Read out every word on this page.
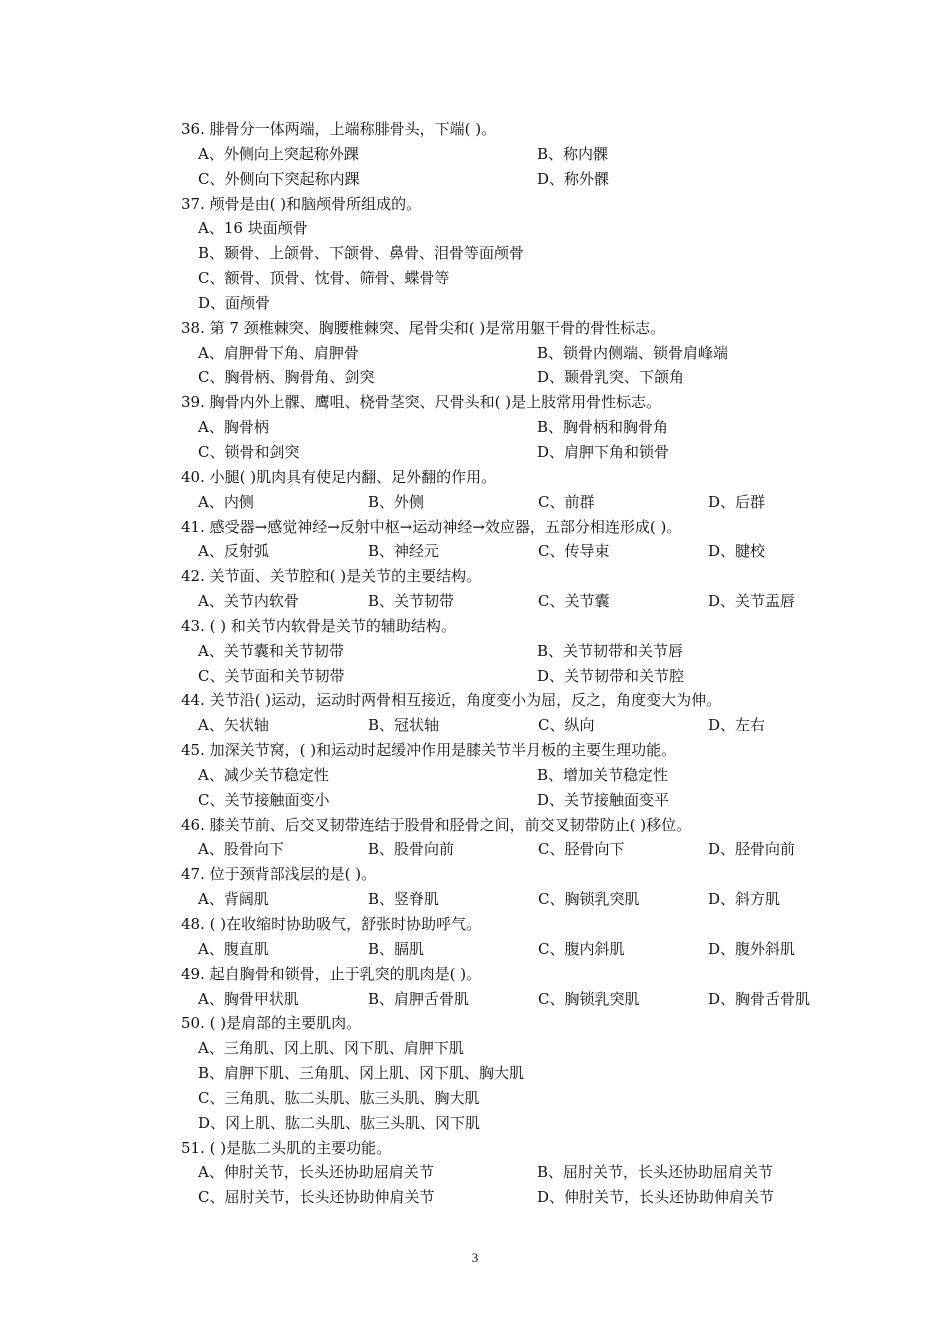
36. 腓骨分一体两端，上端称腓骨头，下端( )。
A、外侧向上突起称外踝	B、称内髁
C、外侧向下突起称内踝	D、称外髁
37. 颅骨是由( )和脑颅骨所组成的。
A、16 块面颅骨
B、颞骨、上颌骨、下颌骨、鼻骨、泪骨等面颅骨
C、额骨、顶骨、忱骨、筛骨、蝶骨等
D、面颅骨
38. 第 7 颈椎棘突、胸腰椎棘突、尾骨尖和( )是常用躯干骨的骨性标志。
A、肩胛骨下角、肩胛骨	B、锁骨内侧端、锁骨肩峰端
C、胸骨柄、胸骨角、剑突	D、颞骨乳突、下颌角
39. 胸骨内外上髁、鹰咀、桡骨茎突、尺骨头和( )是上肢常用骨性标志。
A、胸骨柄	B、胸骨柄和胸骨角
C、锁骨和剑突	D、肩胛下角和锁骨
40. 小腿( )肌肉具有使足内翻、足外翻的作用。
A、内侧	B、外侧	C、前群	D、后群
41. 感受器→感觉神经→反射中枢→运动神经→效应器，五部分相连形成( )。
A、反射弧	B、神经元	C、传导束	D、腱校
42. 关节面、关节腔和( )是关节的主要结构。
A、关节内软骨	B、关节韧带	C、关节囊	D、关节盂唇
43. ( ) 和关节内软骨是关节的辅助结构。
A、关节囊和关节韧带	B、关节韧带和关节唇
C、关节面和关节韧带	D、关节韧带和关节腔
44. 关节沿( )运动，运动时两骨相互接近，角度变小为屈，反之，角度变大为伸。
A、矢状轴	B、冠状轴	C、纵向	D、左右
45. 加深关节窝，( )和运动时起缓冲作用是膝关节半月板的主要生理功能。
A、减少关节稳定性	B、增加关节稳定性
C、关节接触面变小	D、关节接触面变平
46. 膝关节前、后交叉韧带连结于股骨和胫骨之间，前交叉韧带防止( )移位。
A、股骨向下	B、股骨向前	C、胫骨向下	D、胫骨向前
47. 位于颈背部浅层的是( )。
A、背阔肌	B、竖脊肌	C、胸锁乳突肌	D、斜方肌
48. ( )在收缩时协助吸气，舒张时协助呼气。
A、腹直肌	B、膈肌	C、腹内斜肌	D、腹外斜肌
49. 起自胸骨和锁骨，止于乳突的肌肉是( )。
A、胸骨甲状肌	B、肩胛舌骨肌	C、胸锁乳突肌	D、胸骨舌骨肌
50. ( )是肩部的主要肌肉。
A、三角肌、冈上肌、冈下肌、肩胛下肌
B、肩胛下肌、三角肌、冈上肌、冈下肌、胸大肌
C、三角肌、肱二头肌、肱三头肌、胸大肌
D、冈上肌、肱二头肌、肱三头肌、冈下肌
51. ( )是肱二头肌的主要功能。
A、伸肘关节，长头还协助屈肩关节	B、屈肘关节，长头还协助屈肩关节
C、屈肘关节，长头还协助伸肩关节	D、伸肘关节，长头还协助伸肩关节
3
